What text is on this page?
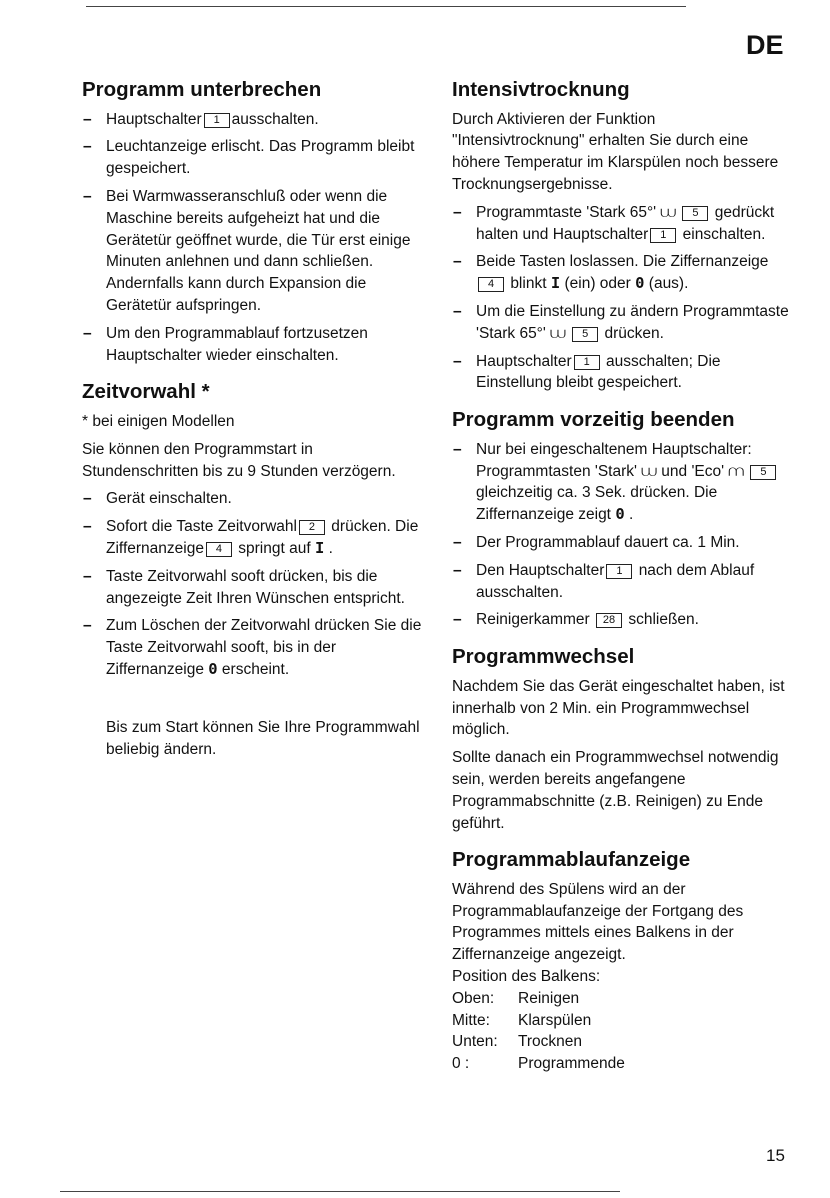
DE
Programm unterbrechen
– Hauptschalter 1 ausschalten.
– Leuchtanzeige erlischt. Das Programm bleibt gespeichert.
– Bei Warmwasseranschluß oder wenn die Maschine bereits aufgeheizt hat und die Gerätetür geöffnet wurde, die Tür erst einige Minuten anlehnen und dann schließen.
Andernfalls kann durch Expansion die Gerätetür aufspringen.
– Um den Programmablauf fortzusetzen Hauptschalter wieder einschalten.
Zeitvorwahl *

* bei einigen Modellen

Sie können den Programmstart in Stundenschritten bis zu 9 Stunden verzögern.

– Gerät einschalten.
– Sofort die Taste Zeitvorwahl 2 drücken. Die Ziffernanzeige 4 springt auf I .
– Taste Zeitvorwahl sooft drücken, bis die angezeigte Zeit Ihren Wünschen entspricht.
– Zum Löschen der Zeitvorwahl drücken Sie die Taste Zeitvorwahl sooft, bis in der Ziffernanzeige 0 erscheint.

Bis zum Start können Sie Ihre Programmwahl beliebig ändern.

Intensivtrocknung

Durch Aktivieren der Funktion "Intensivtrocknung" erhalten Sie durch eine höhere Temperatur im Klarspülen noch bessere Trocknungsergebnisse.

– Programmtaste 'Stark 65°' ⩊ 5 gedrückt halten und Hauptschalter 1 einschalten.
– Beide Tasten loslassen. Die Ziffernanzeige4 blinkt I (ein) oder 0 (aus).
– Um die Einstellung zu ändern Programmtaste 'Stark 65°' ⩊ 5 drücken.
– Hauptschalter 1 ausschalten; Die Einstellung bleibt gespeichert.
Programm vorzeitig beenden
– Nur bei eingeschaltenem Hauptschalter: Programmtasten 'Stark' ⩊ und 'Eco' ⩋ 5 gleichzeitig ca. 3 Sek. drücken. Die Ziffernanzeige zeigt 0 .
– Der Programmablauf dauert ca. 1 Min.
– Den Hauptschalter 1 nach dem Ablauf ausschalten.
– Reinigerkammer 28 schließen.
Programmwechsel

Nachdem Sie das Gerät eingeschaltet haben, ist innerhalb von 2 Min. ein Programmwechsel möglich.

Sollte danach ein Programmwechsel notwendig sein, werden bereits angefangene Programmabschnitte (z.B. Reinigen) zu Ende geführt.

Programmablaufanzeige

Während des Spülens wird an der Programmablaufanzeige der Fortgang des Programmes mittels eines Balkens in der Ziffernanzeige angezeigt.

Position des Balkens:

Oben:	Reinigen
Mitte:	Klarspülen
Unten:	Trocknen
0 :	Programmende
15
